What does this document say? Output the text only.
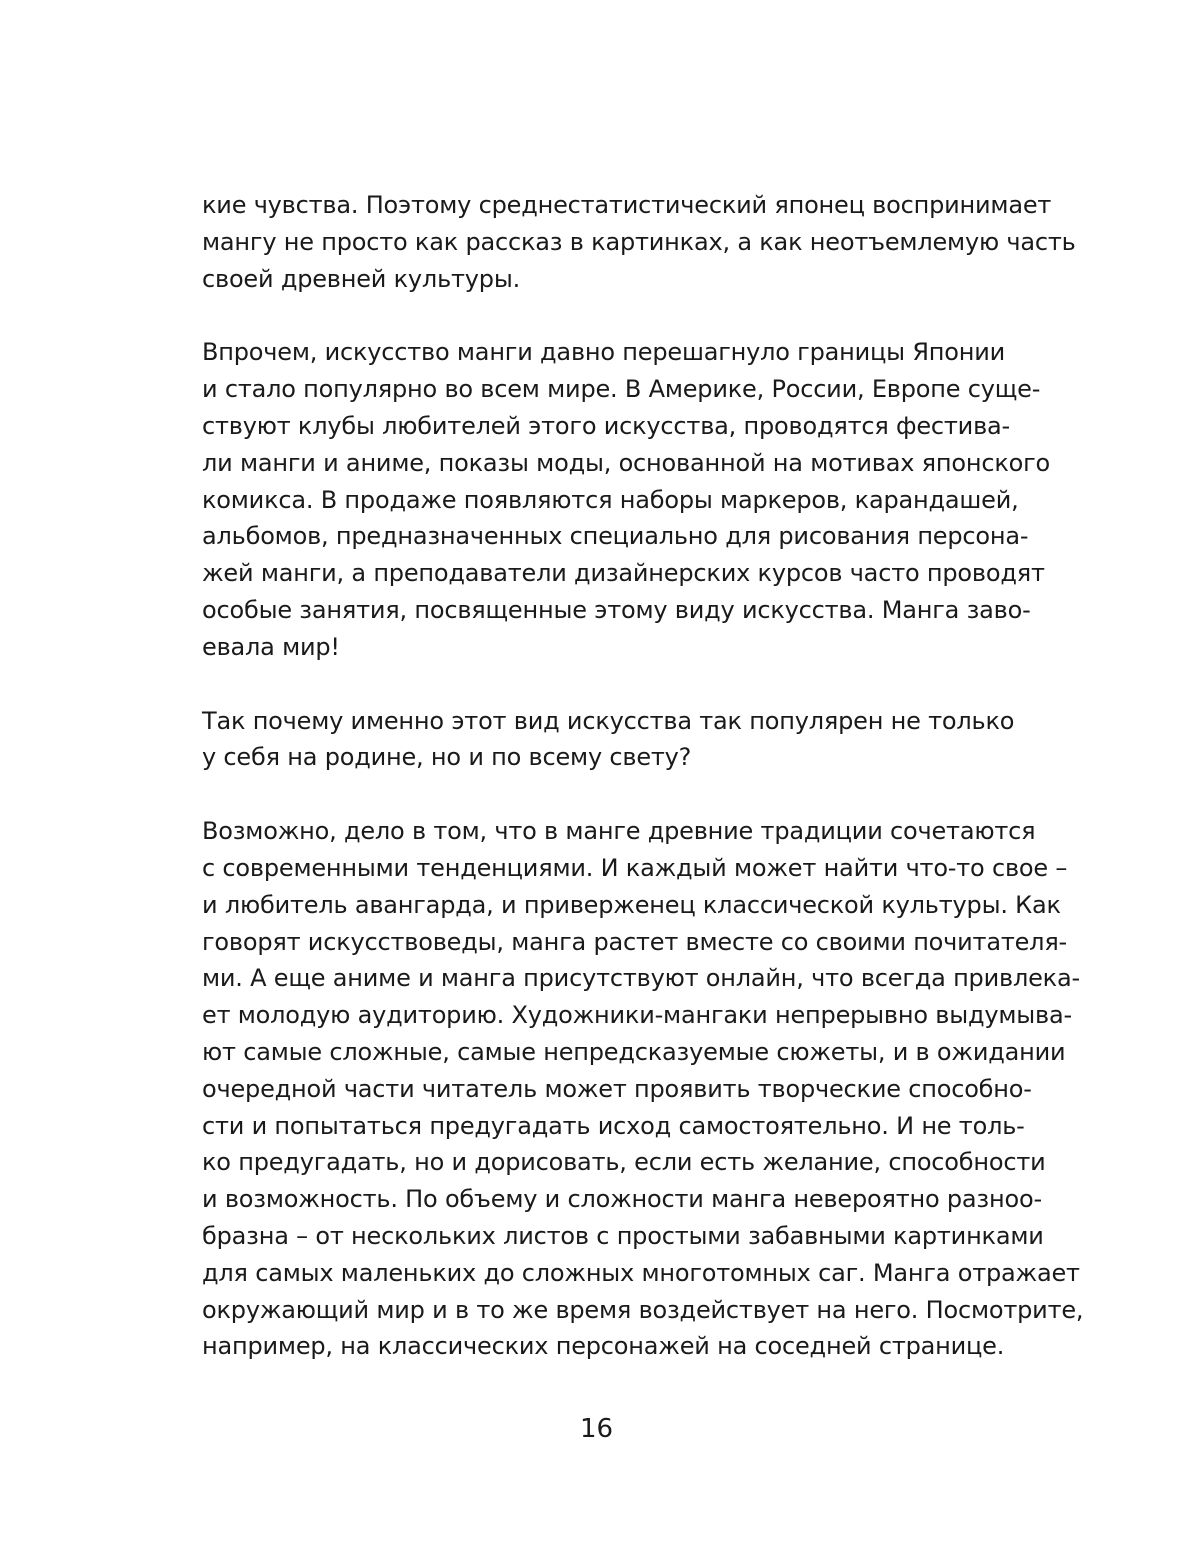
кие чувства. Поэтому среднестатистический японец воспринимает
мангу не просто как рассказ в картинках, а как неотъемлемую часть
своей древней культуры.

Впрочем, искусство манги давно перешагнуло границы Японии
и стало популярно во всем мире. В Америке, России, Европе суще-
ствуют клубы любителей этого искусства, проводятся фестива-
ли манги и аниме, показы моды, основанной на мотивах японского
комикса. В продаже появляются наборы маркеров, карандашей,
альбомов, предназначенных специально для рисования персона-
жей манги, а преподаватели дизайнерских курсов часто проводят
особые занятия, посвященные этому виду искусства. Манга заво-
евала мир!

Так почему именно этот вид искусства так популярен не только
у себя на родине, но и по всему свету?

Возможно, дело в том, что в манге древние традиции сочетаются
с современными тенденциями. И каждый может найти что-то свое –
и любитель авангарда, и приверженец классической культуры. Как
говорят искусствоведы, манга растет вместе со своими почитателя-
ми. А еще аниме и манга присутствуют онлайн, что всегда привлека-
ет молодую аудиторию. Художники-мангаки непрерывно выдумыва-
ют самые сложные, самые непредсказуемые сюжеты, и в ожидании
очередной части читатель может проявить творческие способно-
сти и попытаться предугадать исход самостоятельно. И не толь-
ко предугадать, но и дорисовать, если есть желание, способности
и возможность. По объему и сложности манга невероятно разноо-
бразна – от нескольких листов с простыми забавными картинками
для самых маленьких до сложных многотомных саг. Манга отражает
окружающий мир и в то же время воздействует на него. Посмотрите,
например, на классических персонажей на соседней странице.

16
